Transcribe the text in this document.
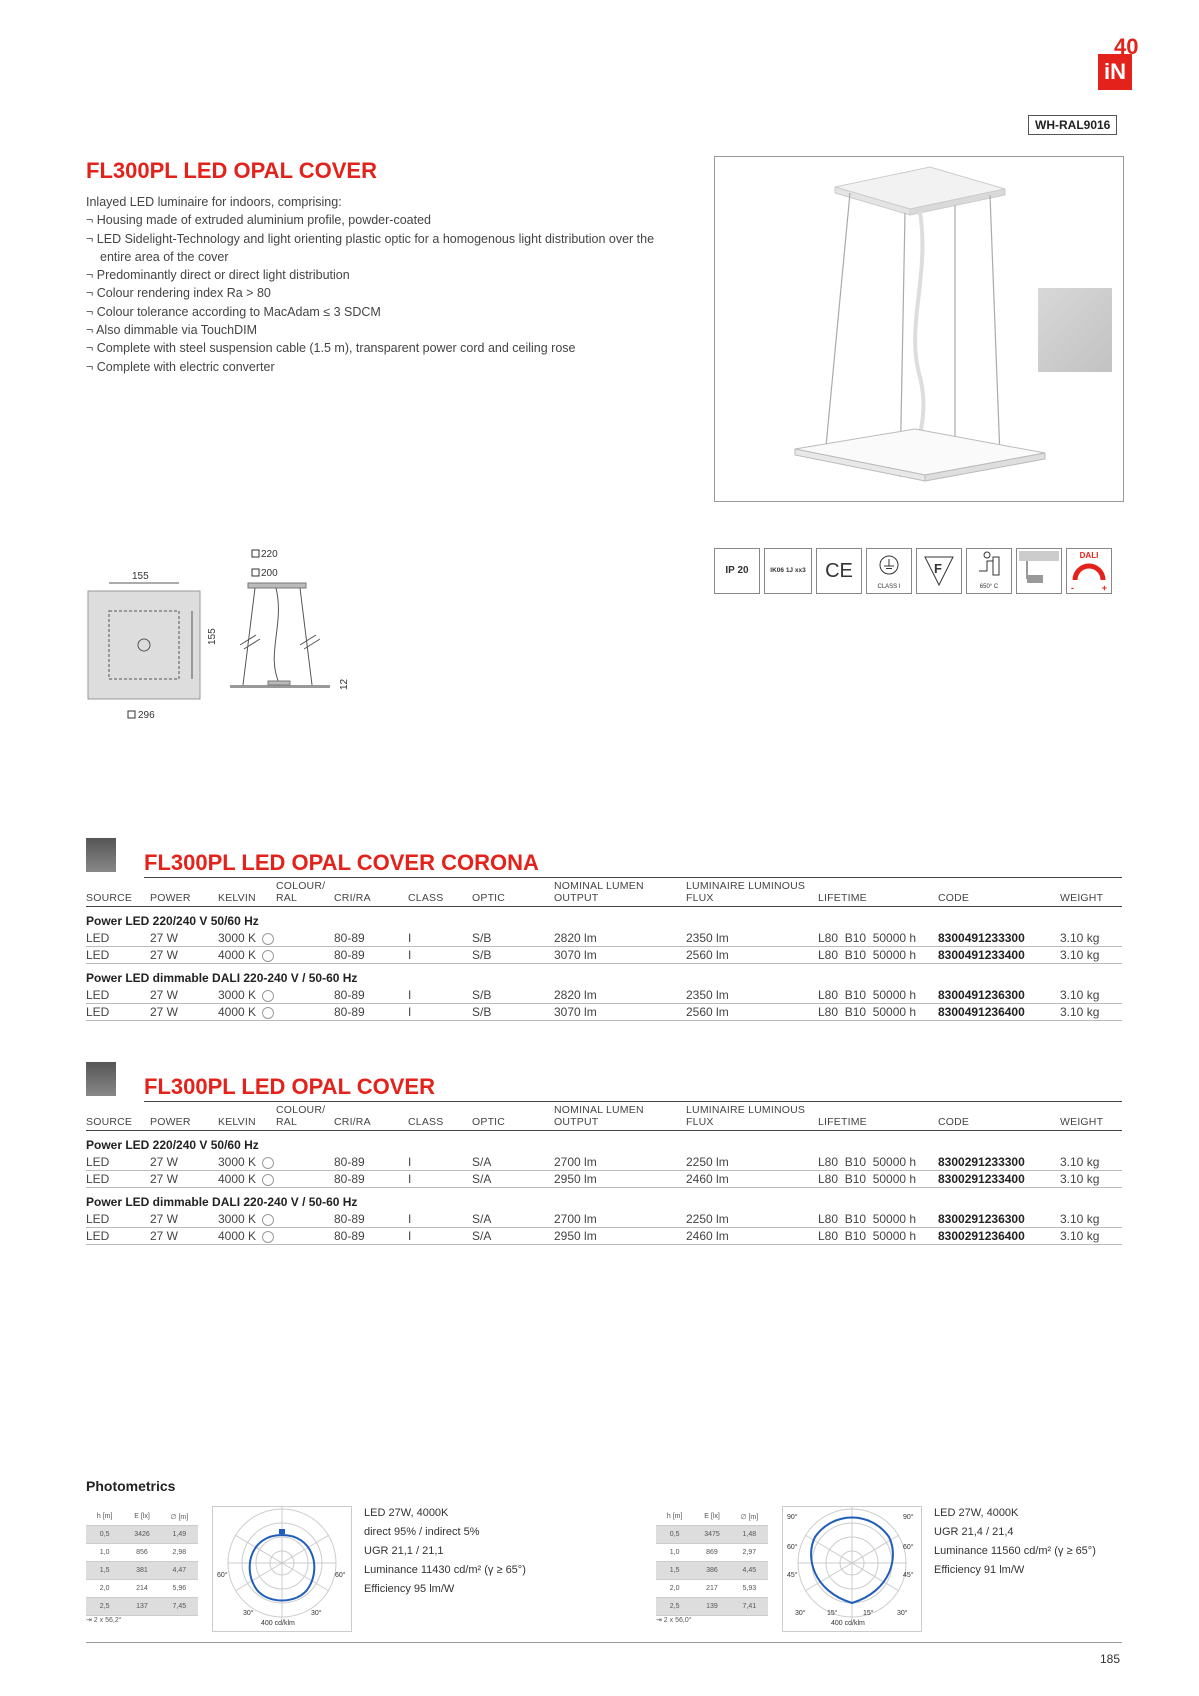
iN
40
WH-RAL9016
FL300PL LED OPAL COVER
Inlayed LED luminaire for indoors, comprising:
¬ Housing made of extruded aluminium profile, powder-coated
¬ LED Sidelight-Technology and light orienting plastic optic for a homogenous light distribution over the entire area of the cover
¬ Predominantly direct or direct light distribution
¬ Colour rendering index Ra > 80
¬ Colour tolerance according to MacAdam ≤ 3 SDCM
¬ Also dimmable via TouchDIM
¬ Complete with steel suspension cable (1.5 m), transparent power cord and ceiling rose
¬ Complete with electric converter
155
155
296
220
200
12
IP 20	IK06 1J xx3 CE
CLASS I
F
650° C
DALI
-	+
FL300PL LED OPAL COVER CORONA
SOURCE	POWER	KELVIN	COLOUR/
RAL	CRI/RA	CLASS	OPTIC	NOMINAL LUMEN OUTPUT	LUMINAIRE LUMINOUS FLUX	LIFETIME	CODE	WEIGHT
Power LED 220/240 V 50/60 Hz											
LED	27 W	3000 K		80-89	I	S/B	2820 lm	2350 lm	L80  B10  50000 h	8300491233300	3.10 kg
LED	27 W	4000 K		80-89	I	S/B	3070 lm	2560 lm	L80  B10  50000 h	8300491233400	3.10 kg
Power LED dimmable DALI 220-240 V / 50-60 Hz											
LED	27 W	3000 K		80-89	I	S/B	2820 lm	2350 lm	L80  B10  50000 h	8300491236300	3.10 kg
LED	27 W	4000 K		80-89	I	S/B	3070 lm	2560 lm	L80  B10  50000 h	8300491236400	3.10 kg
FL300PL LED OPAL COVER
SOURCE	POWER	KELVIN	COLOUR/
RAL	CRI/RA	CLASS	OPTIC	NOMINAL LUMEN OUTPUT	LUMINAIRE LUMINOUS FLUX	LIFETIME	CODE	WEIGHT
Power LED 220/240 V 50/60 Hz											
LED	27 W	3000 K		80-89	I	S/A	2700 lm	2250 lm	L80  B10  50000 h	8300291233300	3.10 kg
LED	27 W	4000 K		80-89	I	S/A	2950 lm	2460 lm	L80  B10  50000 h	8300291233400	3.10 kg
Power LED dimmable DALI 220-240 V / 50-60 Hz											
LED	27 W	3000 K		80-89	I	S/A	2700 lm	2250 lm	L80  B10  50000 h	8300291236300	3.10 kg
LED	27 W	4000 K		80-89	I	S/A	2950 lm	2460 lm	L80  B10  50000 h	8300291236400	3.10 kg
Photometrics
h [m]	E [lx]	∅ [m]
0,5	3426	1,49
1,0	856	2,98
1,5	381	4,47
2,0	214	5,96
2,5	137	7,45
⇥ 2 x 56,2°
60°	60°
30°	30°
400 cd/klm
LED 27W, 4000K
direct 95% / indirect 5%
UGR 21,1 / 21,1
Luminance 11430 cd/m² (γ ≥ 65°)
Efficiency 95 lm/W
h [m]	E [lx]	∅ [m]
0,5	3475	1,48
1,0	869	2,97
1,5	386	4,45
2,0	217	5,93
2,5	139	7,41
⇥ 2 x 56,0°
90°	90°
60°	60°
45°	45°
30°	15°	15°	30°
400 cd/klm
LED 27W, 4000K
UGR 21,4 / 21,4
Luminance 11560 cd/m² (γ ≥ 65°)
Efficiency 91 lm/W
185
